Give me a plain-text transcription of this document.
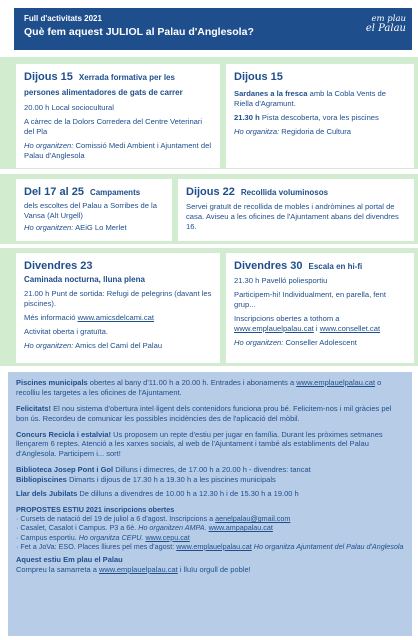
Full d'activitats 2021
Què fem aquest JULIOL al Palau d'Anglesola?
em plau
el Palau

Dijous 15 Xerrada formativa per les persones alimentadores de gats de carrer

20.00 h Local sociocultural

A càrrec de la Dolors Corredera del Centre Veterinari del Pla

Ho organitzen: Comissió Medi Ambient i Ajuntament del Palau d'Anglesola

Dijous 15

Sardanes a la fresca amb la Cobla Vents de Riella d'Agramunt.

21.30 h Pista descoberta, vora les piscines

Ho organitza: Regidoria de Cultura

Del 17 al 25 Campaments

dels escoltes del Palau a Sorribes de la Vansa (Alt Urgell)

Ho organitzen: AEiG Lo Merlet

Dijous 22 Recollida voluminosos

Servei gratuït de recollida de mobles i andròmines al portal de casa. Aviseu a les oficines de l'Ajuntament abans del divendres 16.

Divendres 23

Caminada nocturna, lluna plena

21.00 h Punt de sortida: Refugi de pelegrins (davant les piscines).

Més informació www.amicsdelcami.cat

Activitat oberta i gratuïta.

Ho organitzen: Amics del Camí del Palau

Divendres 30 Escala en hi-fi

21.30 h Pavelló poliesportiu

Participem-hi! Individualment, en parella, fent grup...

Inscripcions obertes a tothom a
www.emplauelpalau.cat i www.consellet.cat

Ho organitzen: Conseller Adolescent

Piscines municipals obertes al bany d'11.00 h a 20.00 h. Entrades i abonaments a www.emplauelpalau.cat o recolliu les targetes a les oficines de l'Ajuntament.

Felicitats! El nou sistema d'obertura intel·ligent dels contenidors funciona prou bé. Felicitem-nos i mil gràcies pel bon ús. Recordeu de comunicar les possibles incidències des de l'aplicació del mòbil.

Concurs Recicla i estalvia! Us proposem un repte d'estiu per jugar en família. Durant les pròximes setmanes llençarem 6 reptes. Atenció a les xarxes socials, al web de l'Ajuntament i també als establiments del Palau d'Anglesola. Participem i... sort!

Biblioteca Josep Pont i Gol Dilluns i dimecres, de 17.00 h a 20.00 h - divendres: tancat
Bibliopiscines Dimarts i dijous de 17.30 h a 19.30 h a les piscines municipals

Llar dels Jubilats De dilluns a divendres de 10.00 h a 12.30 h i de 15.30 h a 19.00 h

PROPOSTES ESTIU 2021 inscripcions obertes
· Cursets de natació del 19 de juliol a 6 d'agost. Inscripcions a aenelpalau@gmail.com
· Casalet, Casalot i Campus. P3 a 6è. Ho organitzen AMPA. www.ampapalau.cat
· Campus esportiu. Ho organitza CEPU. www.cepu.cat
· Fet a JoVa: ESO. Places lliures pel mes d'agost: www.emplauelpalau.cat Ho organitza Ajuntament del Palau d'Anglesola

Aquest estiu Em plau el Palau
Compreu la samarreta a www.emplauelpalau.cat i lluïu orgull de poble!
